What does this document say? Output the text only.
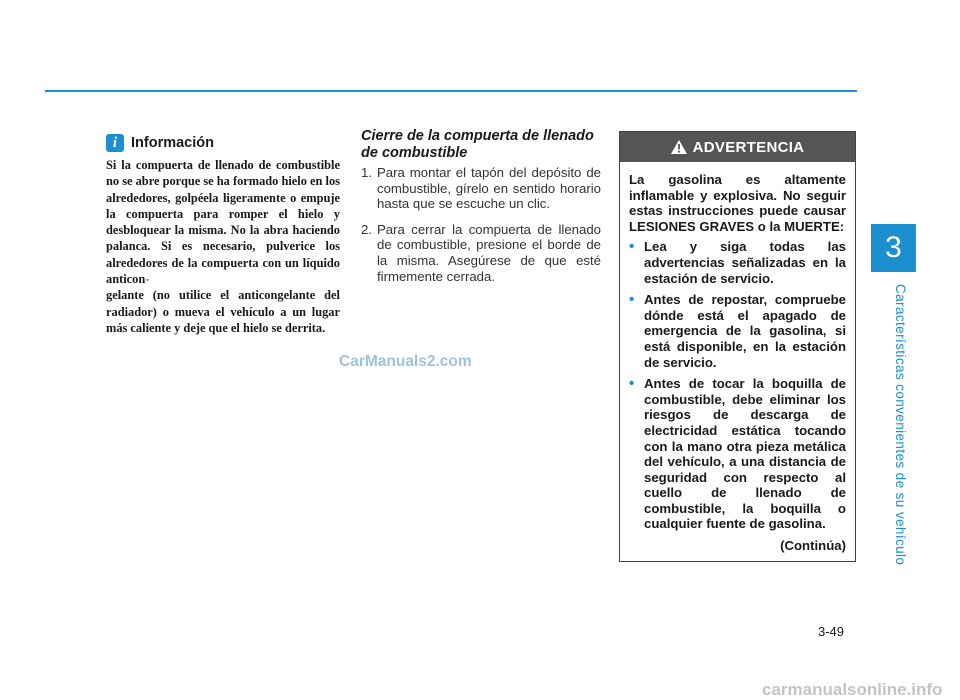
3
Características convenientes de su vehículo
i Información

Si la compuerta de llenado de combustible no se abre porque se ha formado hielo en los alrededores, golpéela ligeramente o empuje la compuerta para romper el hielo y desbloquear la misma. No la abra haciendo palanca. Si es necesario, pulverice los alrededores de la compuerta con un líquido anticon-
gelante (no utilice el anticongelante del radiador) o mueva el vehículo a un lugar más caliente y deje que el hielo se derrita.

Cierre de la compuerta de llenado de combustible
1. Para montar el tapón del depósito de combustible, gírelo en sentido horario hasta que se escuche un clic.
2. Para cerrar la compuerta de llenado de combustible, presione el borde de la misma. Asegúrese de que esté firmemente cerrada.
ADVERTENCIA

La gasolina es altamente inflamable y explosiva. No seguir estas instrucciones puede causar LESIONES GRAVES o la MUERTE:

• Lea y siga todas las advertencias señalizadas en la estación de servicio.
• Antes de repostar, compruebe dónde está el apagado de emergencia de la gasolina, si está disponible, en la estación de servicio.
• Antes de tocar la boquilla de combustible, debe eliminar los riesgos de descarga de electricidad estática tocando con la mano otra pieza metálica del vehículo, a una distancia de seguridad con respecto al cuello de llenado de combustible, la boquilla o cualquier fuente de gasolina.
(Continúa)
3-49
CarManuals2.com
carmanualsonline.info
